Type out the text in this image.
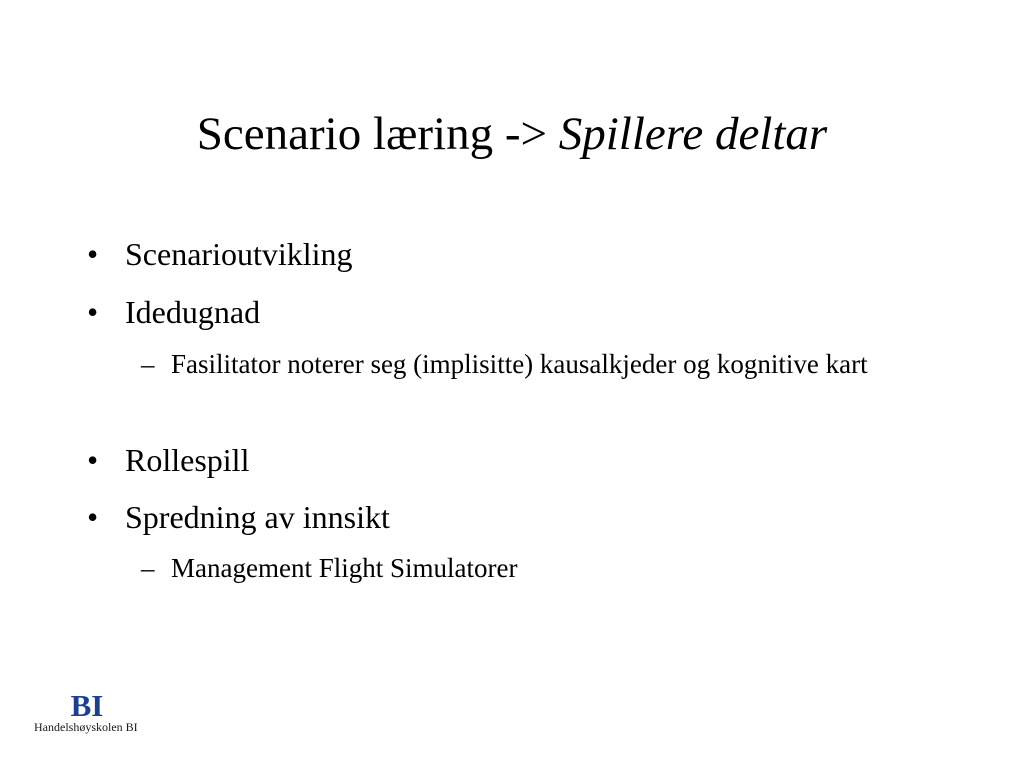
Scenario læring -> Spillere deltar
• Scenarioutvikling
• Idedugnad
– Fasilitator noterer seg (implisitte) kausalkjeder og kognitive kart
• Rollespill
• Spredning av innsikt
– Management Flight Simulatorer
BI
Handelshøyskolen BI
